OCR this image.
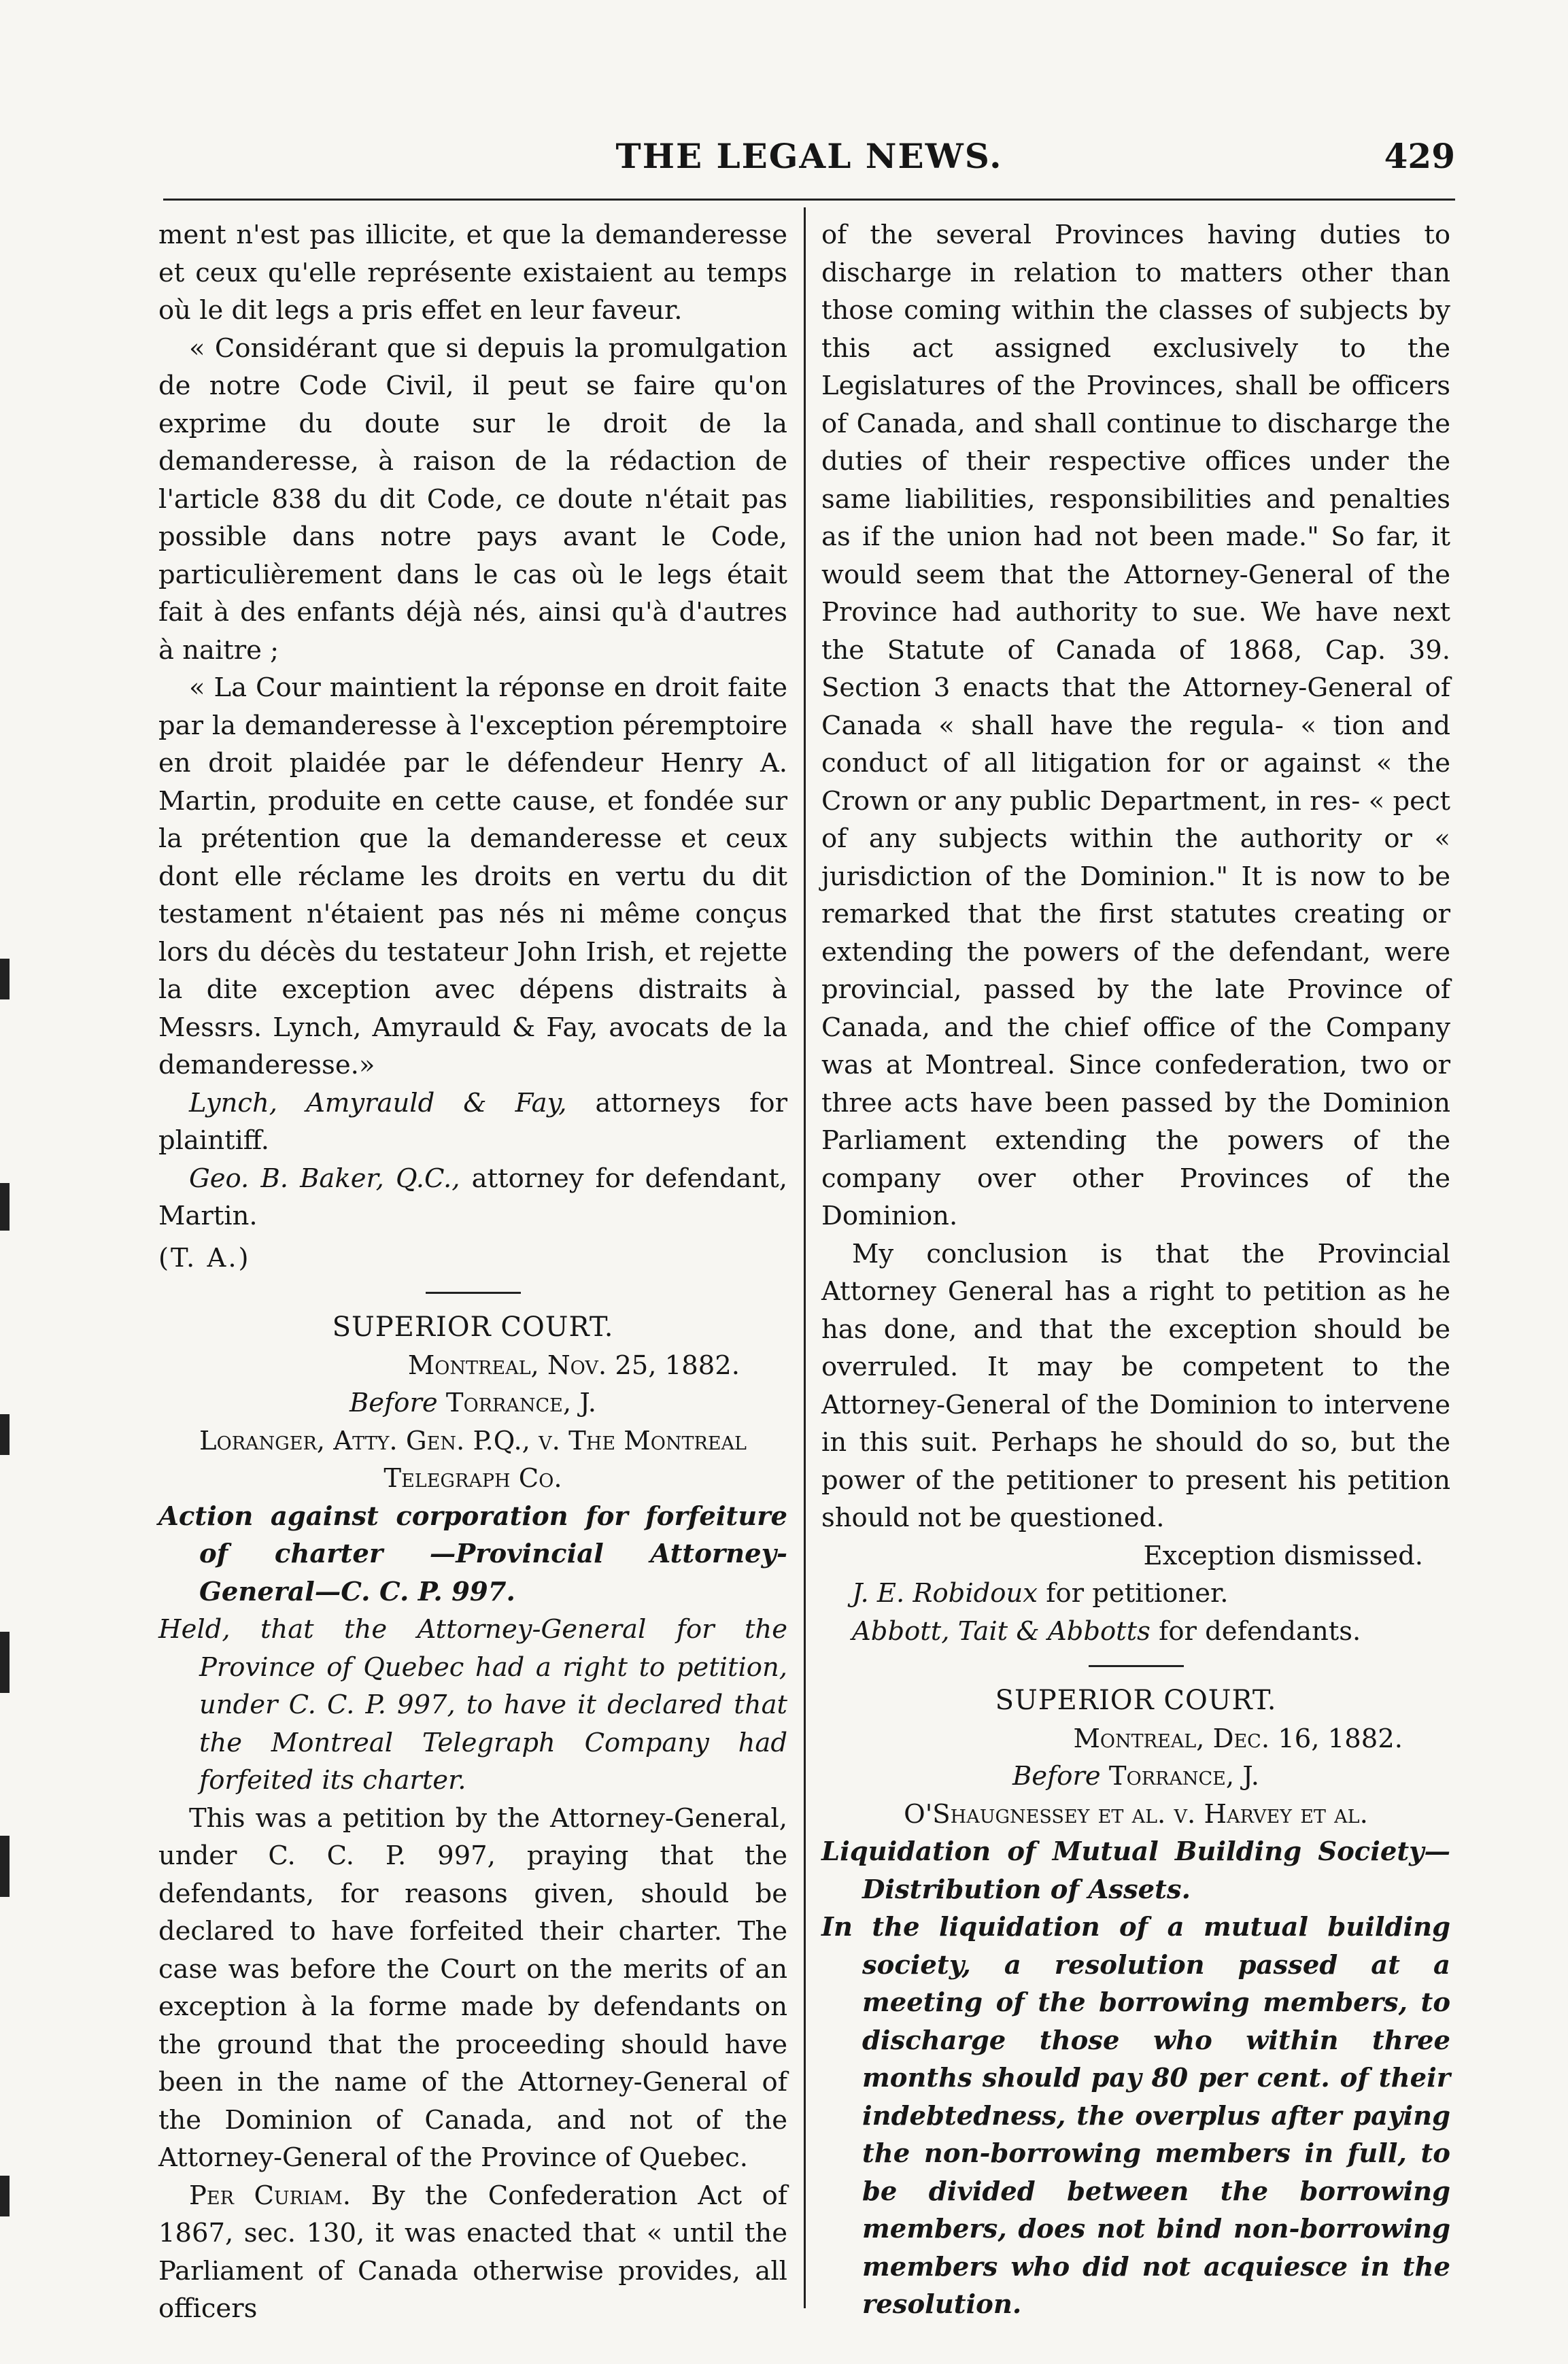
THE LEGAL NEWS.	429

ment n'est pas illicite, et que la demanderesse et ceux qu'elle représente existaient au temps où le dit legs a pris effet en leur faveur.

« Considérant que si depuis la promulgation de notre Code Civil, il peut se faire qu'on exprime du doute sur le droit de la demanderesse, à raison de la rédaction de l'article 838 du dit Code, ce doute n'était pas possible dans notre pays avant le Code, particulièrement dans le cas où le legs était fait à des enfants déjà nés, ainsi qu'à d'autres à naitre ;

« La Cour maintient la réponse en droit faite par la demanderesse à l'exception péremptoire en droit plaidée par le défendeur Henry A. Martin, produite en cette cause, et fondée sur la prétention que la demanderesse et ceux dont elle réclame les droits en vertu du dit testament n'étaient pas nés ni même conçus lors du décès du testateur John Irish, et rejette la dite exception avec dépens distraits à Messrs. Lynch, Amyrauld & Fay, avocats de la demanderesse.»

Lynch, Amyrauld & Fay, attorneys for plaintiff.

Geo. B. Baker, Q.C., attorney for defendant, Martin.

(T. A.)

SUPERIOR COURT.

Montreal, Nov. 25, 1882.

Before Torrance, J.

Loranger, Atty. Gen. P.Q., v. The Montreal Telegraph Co.

Action against corporation for forfeiture of charter —Provincial Attorney-General—C. C. P. 997.

Held, that the Attorney-General for the Province of Quebec had a right to petition, under C. C. P. 997, to have it declared that the Montreal Telegraph Company had forfeited its charter.

This was a petition by the Attorney-General, under C. C. P. 997, praying that the defendants, for reasons given, should be declared to have forfeited their charter. The case was before the Court on the merits of an exception à la forme made by defendants on the ground that the proceeding should have been in the name of the Attorney-General of the Dominion of Canada, and not of the Attorney-General of the Province of Quebec.

Per Curiam. By the Confederation Act of 1867, sec. 130, it was enacted that « until the Parliament of Canada otherwise provides, all officers

of the several Provinces having duties to discharge in relation to matters other than those coming within the classes of subjects by this act assigned exclusively to the Legislatures of the Provinces, shall be officers of Canada, and shall continue to discharge the duties of their respective offices under the same liabilities, responsibilities and penalties as if the union had not been made." So far, it would seem that the Attorney-General of the Province had authority to sue. We have next the Statute of Canada of 1868, Cap. 39. Section 3 enacts that the Attorney-General of Canada « shall have the regula- « tion and conduct of all litigation for or against « the Crown or any public Department, in res- « pect of any subjects within the authority or « jurisdiction of the Dominion." It is now to be remarked that the first statutes creating or extending the powers of the defendant, were provincial, passed by the late Province of Canada, and the chief office of the Company was at Montreal. Since confederation, two or three acts have been passed by the Dominion Parliament extending the powers of the company over other Provinces of the Dominion.

My conclusion is that the Provincial Attorney General has a right to petition as he has done, and that the exception should be overruled. It may be competent to the Attorney-General of the Dominion to intervene in this suit. Perhaps he should do so, but the power of the petitioner to present his petition should not be questioned.

Exception dismissed.

J. E. Robidoux for petitioner.

Abbott, Tait & Abbotts for defendants.

SUPERIOR COURT.

Montreal, Dec. 16, 1882.

Before Torrance, J.

O'Shaugnessey et al. v. Harvey et al.

Liquidation of Mutual Building Society—Distribution of Assets.

In the liquidation of a mutual building society, a resolution passed at a meeting of the borrowing members, to discharge those who within three months should pay 80 per cent. of their indebtedness, the overplus after paying the non-borrowing members in full, to be divided between the borrowing members, does not bind non-borrowing members who did not acquiesce in the resolution.
